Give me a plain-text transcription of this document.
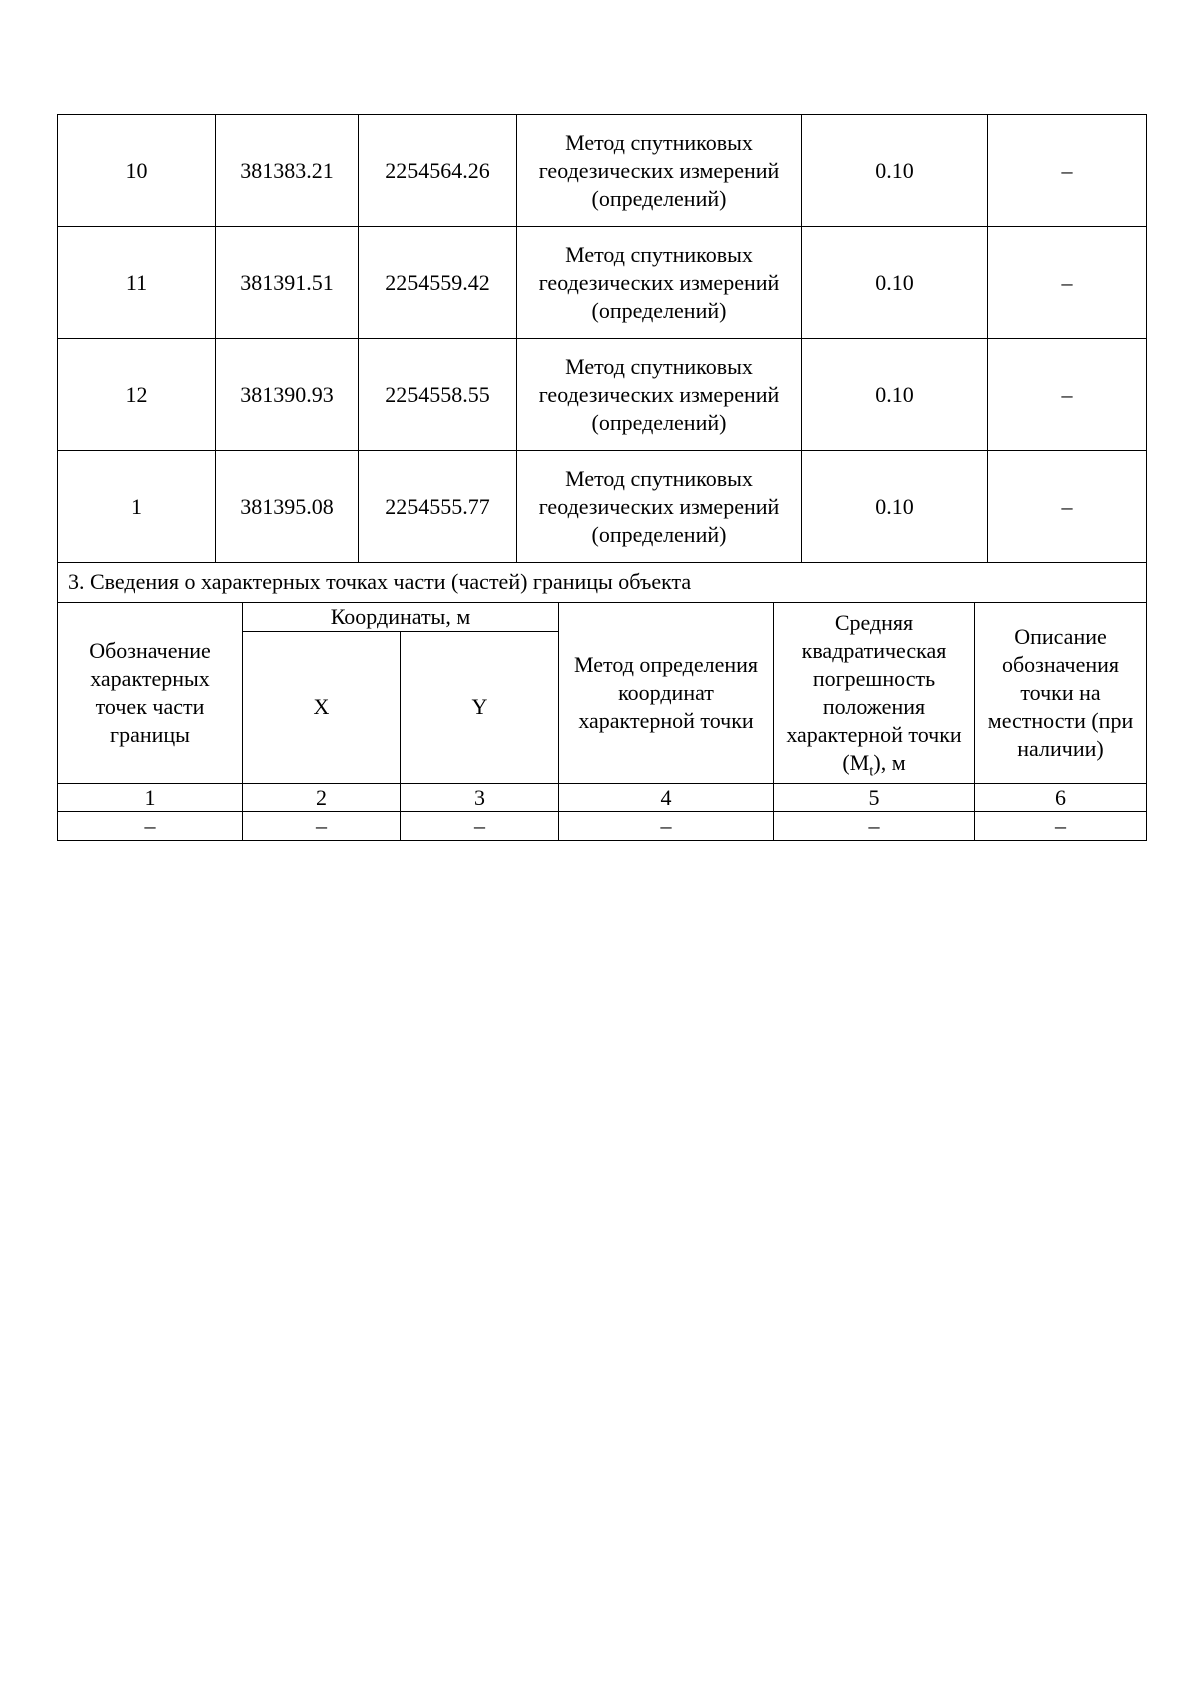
10	381383.21	2254564.26	Метод спутниковых геодезических измерений (определений)	0.10	–
11	381391.51	2254559.42	Метод спутниковых геодезических измерений (определений)	0.10	–
12	381390.93	2254558.55	Метод спутниковых геодезических измерений (определений)	0.10	–
1	381395.08	2254555.77	Метод спутниковых геодезических измерений (определений)	0.10	–
3. Сведения о характерных точках части (частей) границы объекта					
Обозначение характерных точек части границы	Координаты, м		Метод определения координат характерной точки	Средняя квадратическая погрешность положения характерной точки $(M_t)$, м	Описание обозначения точки на местности (при наличии)
	X	Y			
1	2	3	4	5	6
–	–	–	–	–	–
